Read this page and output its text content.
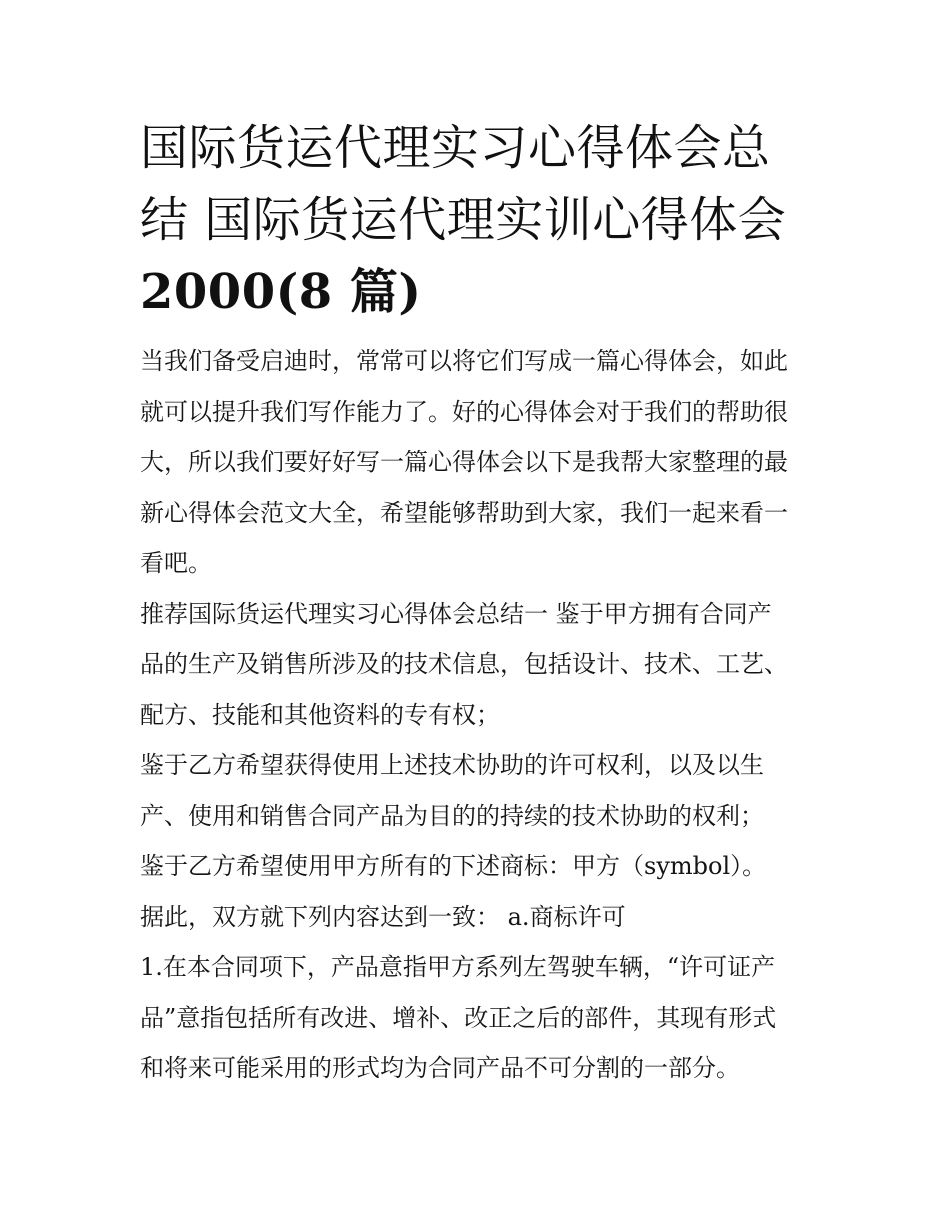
国际货运代理实习心得体会总
结 国际货运代理实训心得体会
2000(8 篇)

当我们备受启迪时，常常可以将它们写成一篇心得体会，如此
就可以提升我们写作能力了。好的心得体会对于我们的帮助很
大，所以我们要好好写一篇心得体会以下是我帮大家整理的最
新心得体会范文大全，希望能够帮助到大家，我们一起来看一
看吧。

推荐国际货运代理实习心得体会总结一 鉴于甲方拥有合同产
品的生产及销售所涉及的技术信息，包括设计、技术、工艺、
配方、技能和其他资料的专有权；

鉴于乙方希望获得使用上述技术协助的许可权利，以及以生
产、使用和销售合同产品为目的的持续的技术协助的权利；

鉴于乙方希望使用甲方所有的下述商标：甲方（symbol）。

据此，双方就下列内容达到一致： a.商标许可

1.在本合同项下，产品意指甲方系列左驾驶车辆，“许可证产
品”意指包括所有改进、增补、改正之后的部件，其现有形式
和将来可能采用的形式均为合同产品不可分割的一部分。
